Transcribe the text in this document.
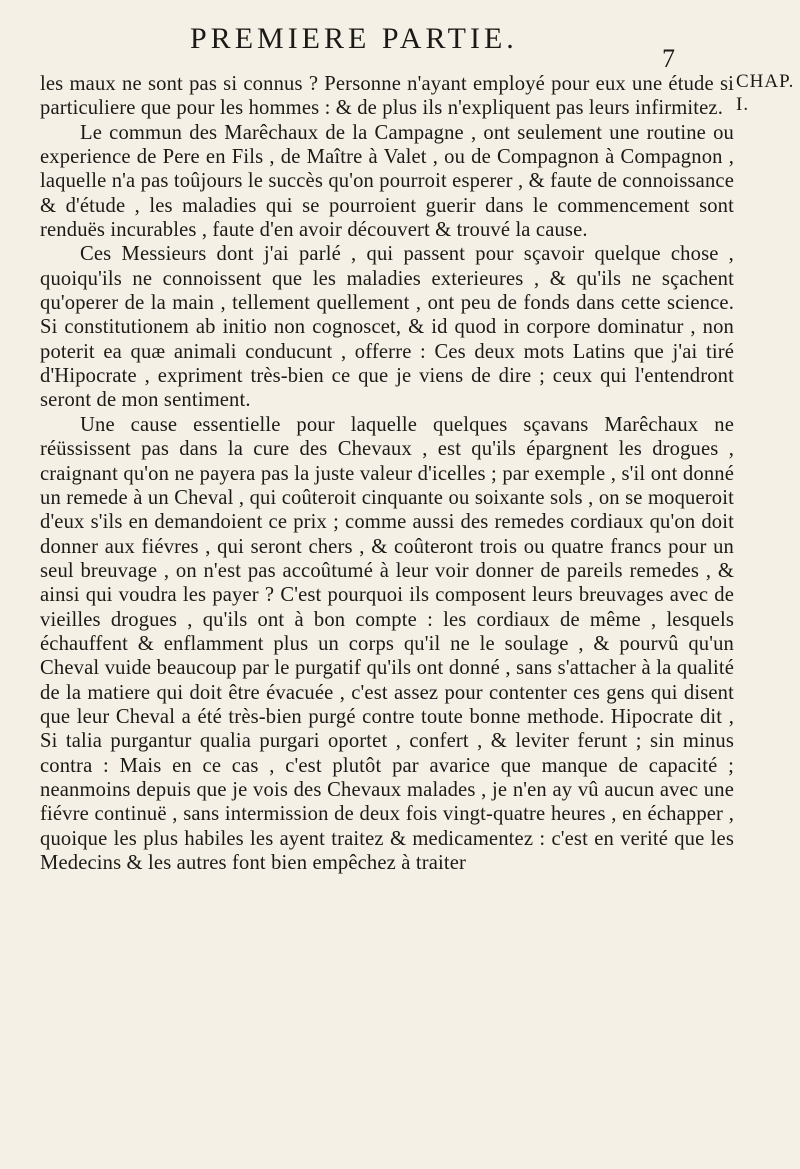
PREMIERE PARTIE.
7
CHAP.
I.

les maux ne sont pas si connus ? Personne n'ayant employé pour eux une étude si particuliere que pour les hommes : & de plus ils n'expliquent pas leurs infirmitez.

Le commun des Marêchaux de la Campagne , ont seulement une routine ou experience de Pere en Fils , de Maître à Valet , ou de Compagnon à Compagnon , laquelle n'a pas toûjours le succès qu'on pourroit esperer , & faute de connoissance & d'étude , les maladies qui se pourroient guerir dans le commencement sont renduës incurables , faute d'en avoir découvert & trouvé la cause.

Ces Messieurs dont j'ai parlé , qui passent pour sçavoir quelque chose , quoiqu'ils ne connoissent que les maladies exterieures , & qu'ils ne sçachent qu'operer de la main , tellement quellement , ont peu de fonds dans cette science. Si constitutionem ab initio non cognoscet, & id quod in corpore dominatur , non poterit ea quæ animali conducunt , offerre : Ces deux mots Latins que j'ai tiré d'Hipocrate , expriment très-bien ce que je viens de dire ; ceux qui l'entendront seront de mon sentiment.

Une cause essentielle pour laquelle quelques sçavans Marêchaux ne réüssissent pas dans la cure des Chevaux , est qu'ils épargnent les drogues , craignant qu'on ne payera pas la juste valeur d'icelles ; par exemple , s'il ont donné un remede à un Cheval , qui coûteroit cinquante ou soixante sols , on se moqueroit d'eux s'ils en demandoient ce prix ; comme aussi des remedes cordiaux qu'on doit donner aux fiévres , qui seront chers , & coûteront trois ou quatre francs pour un seul breuvage , on n'est pas accoûtumé à leur voir donner de pareils remedes , & ainsi qui voudra les payer ? C'est pourquoi ils composent leurs breuvages avec de vieilles drogues , qu'ils ont à bon compte : les cordiaux de même , lesquels échauffent & enflamment plus un corps qu'il ne le soulage , & pourvû qu'un Cheval vuide beaucoup par le purgatif qu'ils ont donné , sans s'attacher à la qualité de la matiere qui doit être évacuée , c'est assez pour contenter ces gens qui disent que leur Cheval a été très-bien purgé contre toute bonne methode. Hipocrate dit , Si talia purgantur qualia purgari oportet , confert , & leviter ferunt ; sin minus contra : Mais en ce cas , c'est plutôt par avarice que manque de capacité ; neanmoins depuis que je vois des Chevaux malades , je n'en ay vû aucun avec une fiévre continuë , sans intermission de deux fois vingt-quatre heures , en échapper , quoique les plus habiles les ayent traitez & medicamentez : c'est en verité que les Medecins & les autres font bien empêchez à traiter
